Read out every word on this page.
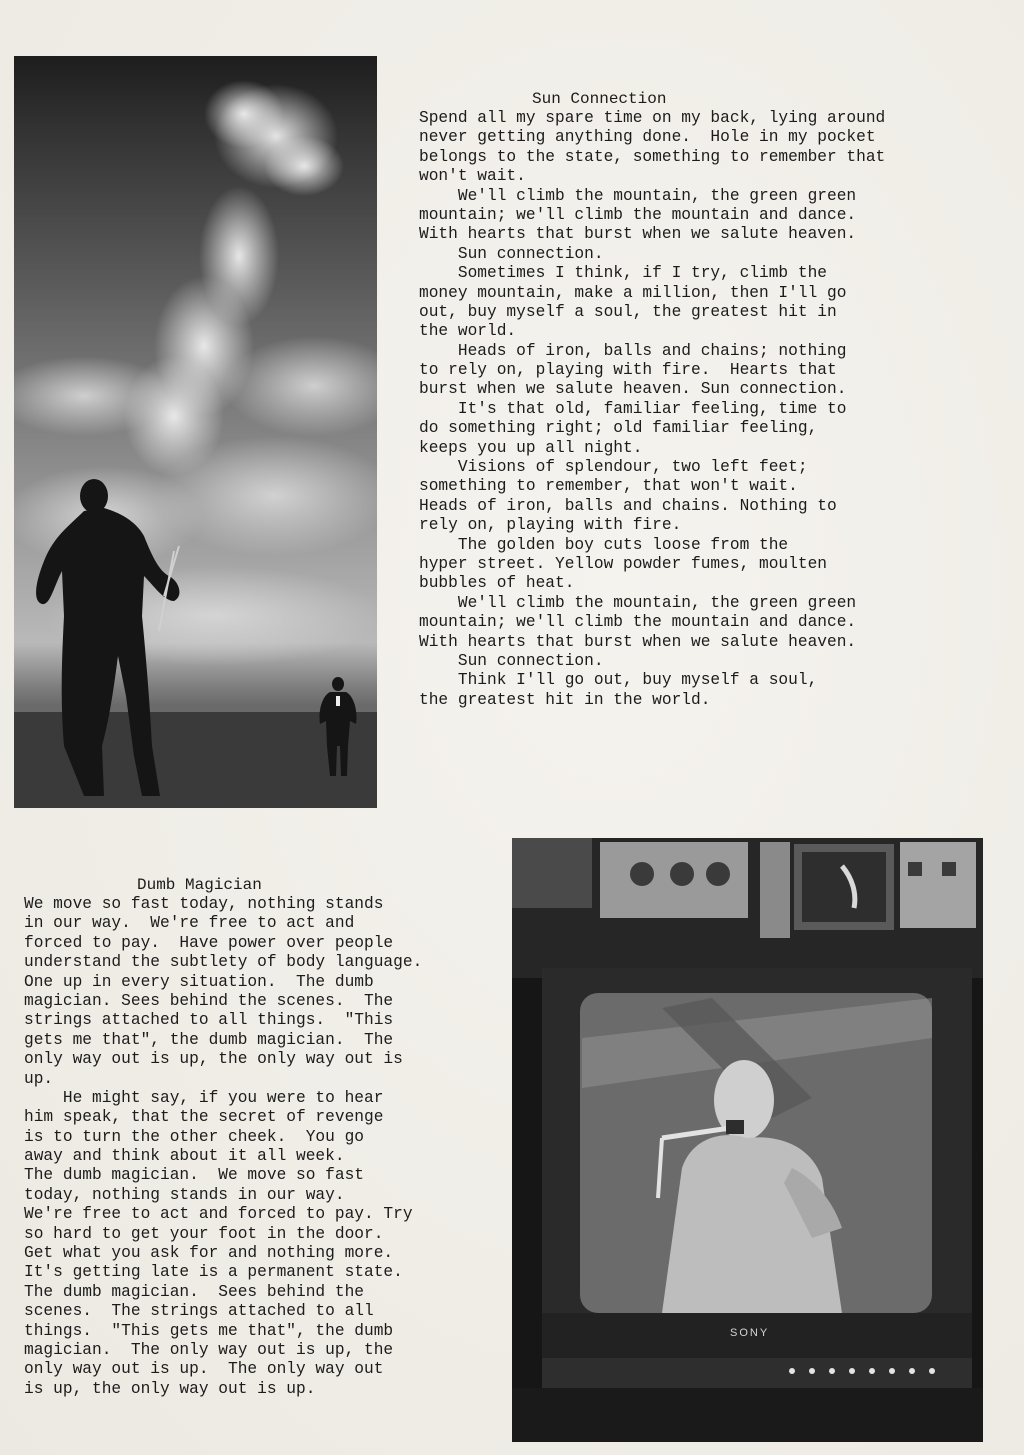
Sun Connection
Spend all my spare time on my back, lying around
never getting anything done.  Hole in my pocket
belongs to the state, something to remember that
won't wait.
We'll climb the mountain, the green green
mountain; we'll climb the mountain and dance.
With hearts that burst when we salute heaven.
Sun connection.
Sometimes I think, if I try, climb the
money mountain, make a million, then I'll go
out, buy myself a soul, the greatest hit in
the world.
Heads of iron, balls and chains; nothing
to rely on, playing with fire.  Hearts that
burst when we salute heaven. Sun connection.
It's that old, familiar feeling, time to
do something right; old familiar feeling,
keeps you up all night.
Visions of splendour, two left feet;
something to remember, that won't wait.
Heads of iron, balls and chains. Nothing to
rely on, playing with fire.
The golden boy cuts loose from the
hyper street. Yellow powder fumes, moulten
bubbles of heat.
We'll climb the mountain, the green green
mountain; we'll climb the mountain and dance.
With hearts that burst when we salute heaven.
Sun connection.
Think I'll go out, buy myself a soul,
the greatest hit in the world.
Dumb Magician
We move so fast today, nothing stands
in our way.  We're free to act and
forced to pay.  Have power over people
understand the subtlety of body language.
One up in every situation.  The dumb
magician. Sees behind the scenes.  The
strings attached to all things.  "This
gets me that", the dumb magician.  The
only way out is up, the only way out is
up.
He might say, if you were to hear
him speak, that the secret of revenge
is to turn the other cheek.  You go
away and think about it all week.
The dumb magician.  We move so fast
today, nothing stands in our way.
We're free to act and forced to pay. Try
so hard to get your foot in the door.
Get what you ask for and nothing more.
It's getting late is a permanent state.
The dumb magician.  Sees behind the
scenes.  The strings attached to all
things.  "This gets me that", the dumb
magician.  The only way out is up, the
only way out is up.  The only way out
is up, the only way out is up.
SONY
